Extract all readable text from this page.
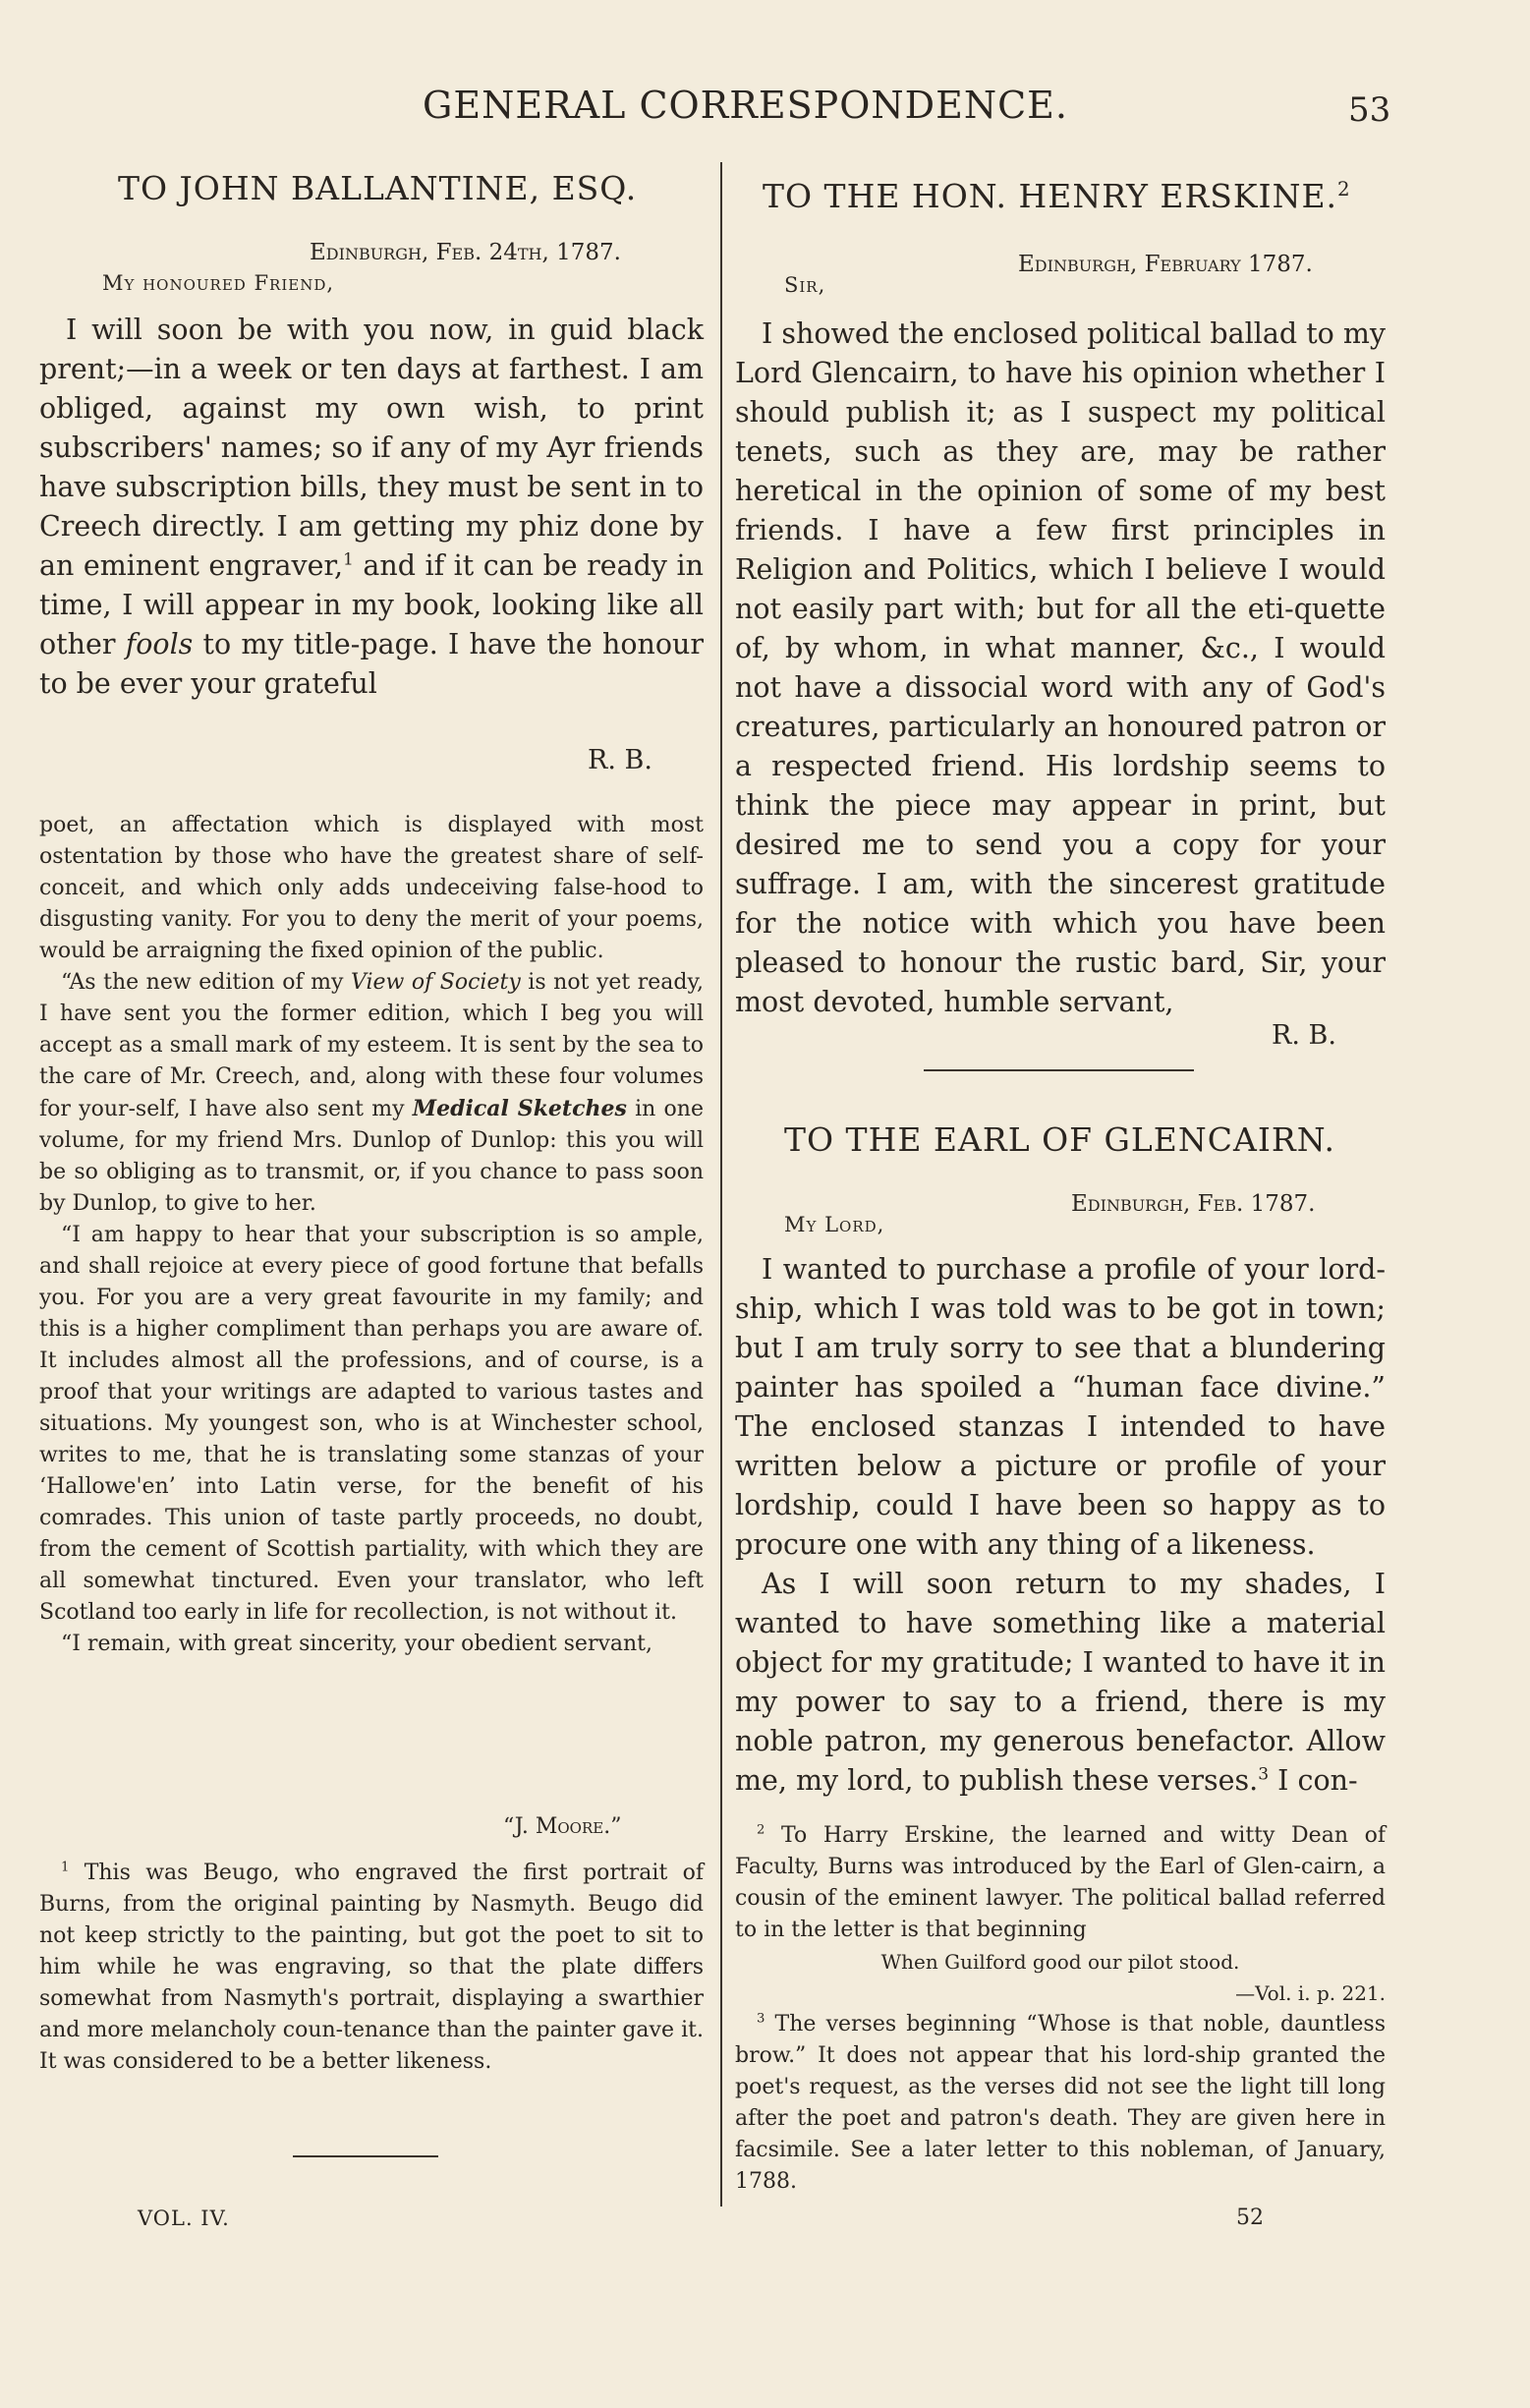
GENERAL CORRESPONDENCE.	53
TO JOHN BALLANTINE, ESQ.
Edinburgh, Feb. 24th, 1787.
My honoured Friend,

I will soon be with you now, in guid black prent;—in a week or ten days at farthest. I am obliged, against my own wish, to print subscribers' names; so if any of my Ayr friends have subscription bills, they must be sent in to Creech directly. I am getting my phiz done by an eminent engraver,$^1$ and if it can be ready in time, I will appear in my book, looking like all other fools to my title-page. I have the honour to be ever your grateful

R. B.

poet, an affectation which is displayed with most ostentation by those who have the greatest share of self-conceit, and which only adds undeceiving false-hood to disgusting vanity. For you to deny the merit of your poems, would be arraigning the fixed opinion of the public.

“As the new edition of my View of Society is not yet ready, I have sent you the former edition, which I beg you will accept as a small mark of my esteem. It is sent by the sea to the care of Mr. Creech, and, along with these four volumes for your-self, I have also sent my Medical Sketches in one volume, for my friend Mrs. Dunlop of Dunlop: this you will be so obliging as to transmit, or, if you chance to pass soon by Dunlop, to give to her.

“I am happy to hear that your subscription is so ample, and shall rejoice at every piece of good fortune that befalls you. For you are a very great favourite in my family; and this is a higher compliment than perhaps you are aware of. It includes almost all the professions, and of course, is a proof that your writings are adapted to various tastes and situations. My youngest son, who is at Winchester school, writes to me, that he is translating some stanzas of your ‘Hallowe'en’ into Latin verse, for the benefit of his comrades. This union of taste partly proceeds, no doubt, from the cement of Scottish partiality, with which they are all somewhat tinctured. Even your translator, who left Scotland too early in life for recollection, is not without it.

“I remain, with great sincerity, your obedient servant,

“J. Moore.”

$^1$ This was Beugo, who engraved the first portrait of Burns, from the original painting by Nasmyth. Beugo did not keep strictly to the painting, but got the poet to sit to him while he was engraving, so that the plate differs somewhat from Nasmyth's portrait, displaying a swarthier and more melancholy coun-tenance than the painter gave it. It was considered to be a better likeness.

VOL. IV.
TO THE HON. HENRY ERSKINE.$^2$
Edinburgh, February 1787.
Sir,

I showed the enclosed political ballad to my Lord Glencairn, to have his opinion whether I should publish it; as I suspect my political tenets, such as they are, may be rather heretical in the opinion of some of my best friends. I have a few first principles in Religion and Politics, which I believe I would not easily part with; but for all the eti-quette of, by whom, in what manner, &c., I would not have a dissocial word with any of God's creatures, particularly an honoured patron or a respected friend. His lordship seems to think the piece may appear in print, but desired me to send you a copy for your suffrage. I am, with the sincerest gratitude for the notice with which you have been pleased to honour the rustic bard, Sir, your most devoted, humble servant,

R. B.
TO THE EARL OF GLENCAIRN.
Edinburgh, Feb. 1787.
My Lord,

I wanted to purchase a profile of your lord-ship, which I was told was to be got in town; but I am truly sorry to see that a blundering painter has spoiled a “human face divine.” The enclosed stanzas I intended to have written below a picture or profile of your lordship, could I have been so happy as to procure one with any thing of a likeness.

As I will soon return to my shades, I wanted to have something like a material object for my gratitude; I wanted to have it in my power to say to a friend, there is my noble patron, my generous benefactor. Allow me, my lord, to publish these verses.$^3$ I con-

$^2$ To Harry Erskine, the learned and witty Dean of Faculty, Burns was introduced by the Earl of Glen-cairn, a cousin of the eminent lawyer. The political ballad referred to in the letter is that beginning

When Guilford good our pilot stood.
—Vol. i. p. 221.

$^3$ The verses beginning “Whose is that noble, dauntless brow.” It does not appear that his lord-ship granted the poet's request, as the verses did not see the light till long after the poet and patron's death. They are given here in facsimile. See a later letter to this nobleman, of January, 1788.

52
